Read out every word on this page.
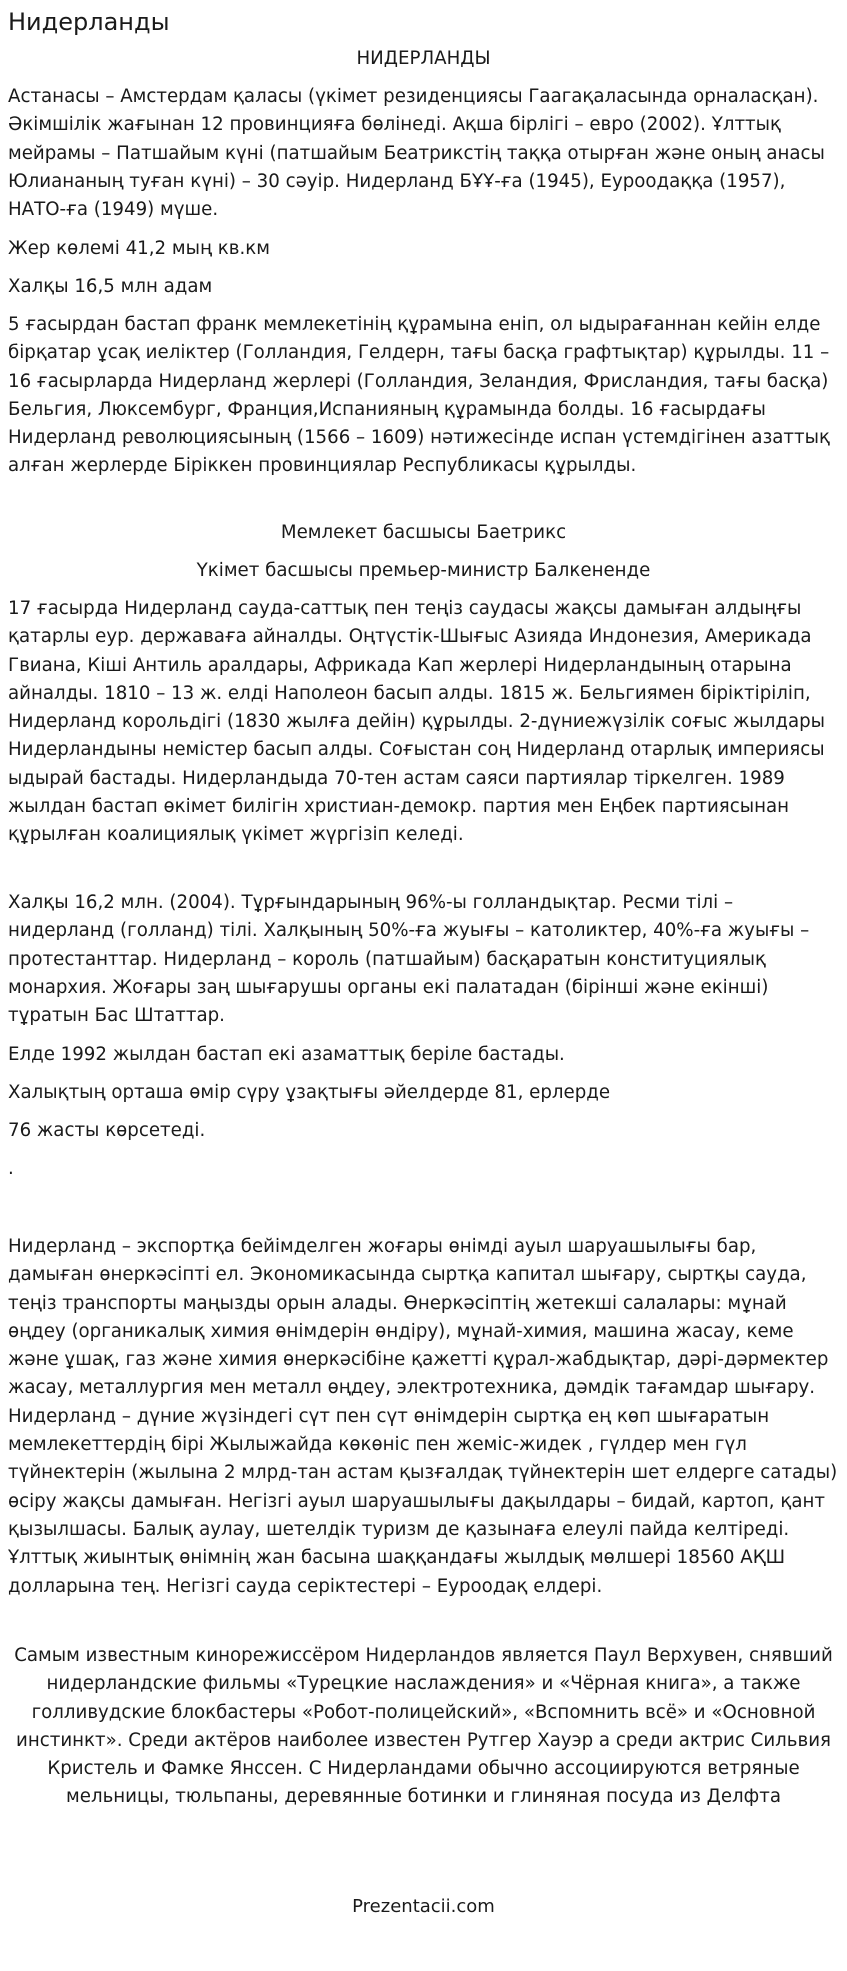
Нидерланды

НИДЕРЛАНДЫ

Астанасы – Амстердам қаласы (үкімет резиденциясы Гаагақаласында орналасқан). Әкімшілік жағынан 12 провинцияға бөлінеді. Ақша бірлігі – евро (2002). Ұлттық мейрамы – Патшайым күні (патшайым Беатрикстің таққа отырған және оның анасы Юлиананың туған күні) – 30 сәуір. Нидерланд БҰҰ-ға (1945), Еуроодаққа (1957), НАТО-ға (1949) мүше.

Жер көлемі 41,2 мың кв.км

Халқы 16,5 млн адам

5 ғасырдан бастап франк мемлекетінің құрамына еніп, ол ыдырағаннан кейін елде бірқатар ұсақ иеліктер (Голландия, Гелдерн, тағы басқа графтықтар) құрылды. 11 – 16 ғасырларда Нидерланд жерлері (Голландия, Зеландия, Фрисландия, тағы басқа) Бельгия, Люксембург, Франция,Испанияның құрамында болды. 16 ғасырдағы Нидерланд революциясының (1566 – 1609) нәтижесінде испан үстемдігінен азаттық алған жерлерде Біріккен провинциялар Республикасы құрылды.

Мемлекет басшысы Баетрикс

Үкімет басшысы премьер-министр Балкененде

17 ғасырда Нидерланд сауда-саттық пен теңіз саудасы жақсы дамыған алдыңғы қатарлы еур. державаға айналды. Оңтүстік-Шығыс Азияда Индонезия, Америкада Гвиана, Кіші Антиль аралдары, Африкада Кап жерлері Нидерландының отарына айналды. 1810 – 13 ж. елді Наполеон басып алды. 1815 ж. Бельгиямен біріктіріліп, Нидерланд корольдігі (1830 жылға дейін) құрылды. 2-дүниежүзілік соғыс жылдары Нидерландыны немістер басып алды. Соғыстан соң Нидерланд отарлық империясы ыдырай бастады. Нидерландыда 70-тен астам саяси партиялар тіркелген. 1989 жылдан бастап өкімет билігін христиан-демокр. партия мен Еңбек партиясынан құрылған коалициялық үкімет жүргізіп келеді.

Халқы 16,2 млн. (2004). Тұрғындарының 96%-ы голландықтар. Ресми тілі – нидерланд (голланд) тілі. Халқының 50%-ға жуығы – католиктер, 40%-ға жуығы – протестанттар. Нидерланд – король (патшайым) басқаратын конституциялық монархия. Жоғары заң шығарушы органы екі палатадан (бірінші және екінші) тұратын Бас Штаттар.

Елде 1992 жылдан бастап екі азаматтық беріле бастады.

Халықтың орташа өмір сүру ұзақтығы әйелдерде 81, ерлерде

76 жасты көрсетеді.

.

Нидерланд – экспортқа бейімделген жоғары өнімді ауыл шаруашылығы бар, дамыған өнеркәсіпті ел. Экономикасында сыртқа капитал шығару, сыртқы сауда, теңіз транспорты маңызды орын алады. Өнеркәсіптің жетекші салалары: мұнай өңдеу (органикалық химия өнімдерін өндіру), мұнай-химия, машина жасау, кеме және ұшақ, газ және химия өнеркәсібіне қажетті құрал-жабдықтар, дәрі-дәрмектер жасау, металлургия мен металл өңдеу, электротехника, дәмдік тағамдар шығару. Нидерланд – дүние жүзіндегі сүт пен сүт өнімдерін сыртқа ең көп шығаратын мемлекеттердің бірі Жылыжайда көкөніс пен жеміс-жидек , гүлдер мен гүл түйнектерін (жылына 2 млрд-тан астам қызғалдақ түйнектерін шет елдерге сатады) өсіру жақсы дамыған. Негізгі ауыл шаруашылығы дақылдары – бидай, картоп, қант қызылшасы. Балық аулау, шетелдік туризм де қазынаға елеулі пайда келтіреді. Ұлттық жиынтық өнімнің жан басына шаққандағы жылдық мөлшері 18560 АҚШ долларына тең. Негізгі сауда серіктестері – Еуроодақ елдері.

Самым известным кинорежиссёром Нидерландов является Паул Верхувен, снявший нидерландские фильмы «Турецкие наслаждения» и «Чёрная книга», а также голливудские блокбастеры «Робот-полицейский», «Вспомнить всё» и «Основной инстинкт». Среди актёров наиболее известен Рутгер Хауэр а среди актрис Сильвия Кристель и Фамке Янссен. С Нидерландами обычно ассоциируются ветряные мельницы, тюльпаны, деревянные ботинки и глиняная посуда из Делфта

Prezentacii.com
